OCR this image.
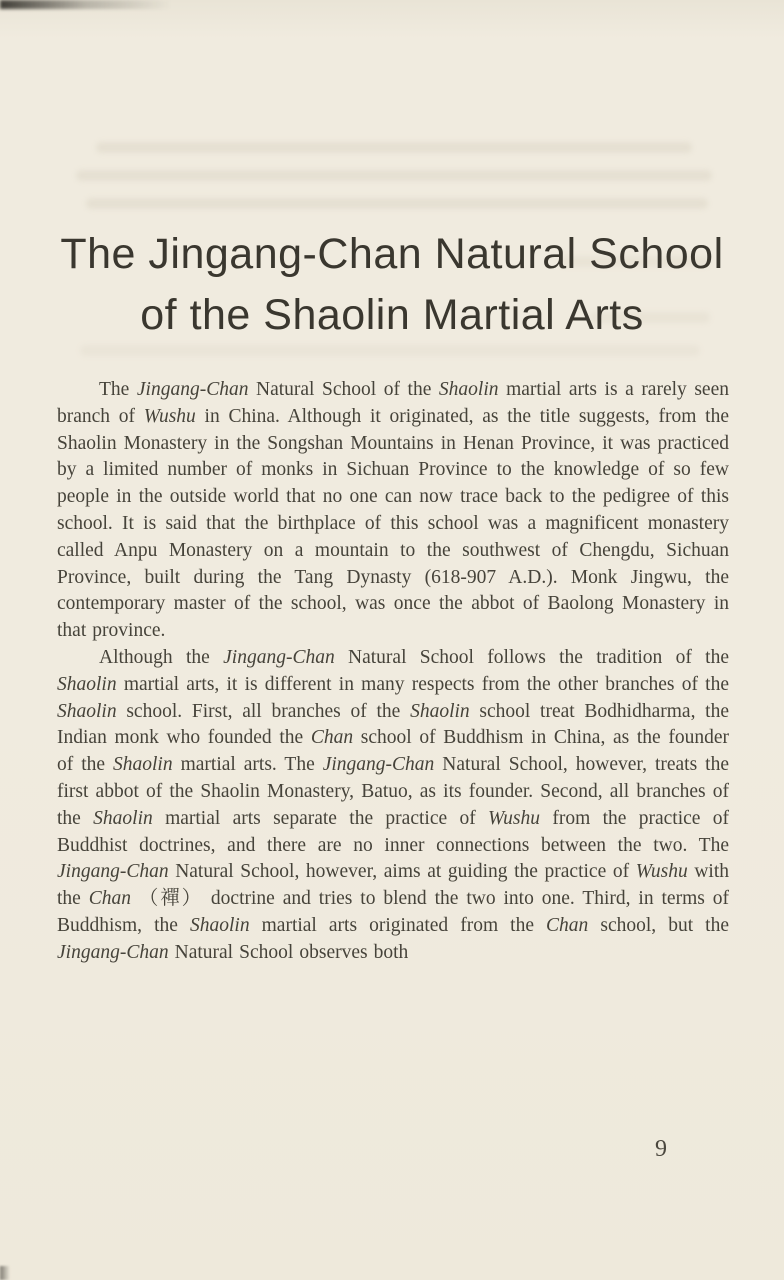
The Jingang-Chan Natural School
of the Shaolin Martial Arts

The Jingang-Chan Natural School of the Shaolin martial arts is a rarely seen branch of Wushu in China. Although it originated, as the title suggests, from the Shaolin Monastery in the Songshan Mountains in Henan Province, it was practiced by a limited number of monks in Sichuan Province to the knowledge of so few people in the outside world that no one can now trace back to the pedigree of this school. It is said that the birthplace of this school was a magnificent monastery called Anpu Monastery on a mountain to the southwest of Chengdu, Sichuan Province, built during the Tang Dynasty (618-907 A.D.). Monk Jingwu, the contemporary master of the school, was once the abbot of Baolong Monastery in that province.

Although the Jingang-Chan Natural School follows the tradition of the Shaolin martial arts, it is different in many respects from the other branches of the Shaolin school. First, all branches of the Shaolin school treat Bodhidharma, the Indian monk who founded the Chan school of Buddhism in China, as the founder of the Shaolin martial arts. The Jingang-Chan Natural School, however, treats the first abbot of the Shaolin Monastery, Batuo, as its founder. Second, all branches of the Shaolin martial arts separate the practice of Wushu from the practice of Buddhist doctrines, and there are no inner connections between the two. The Jingang-Chan Natural School, however, aims at guiding the practice of Wushu with the Chan （禪） doctrine and tries to blend the two into one. Third, in terms of Buddhism, the Shaolin martial arts originated from the Chan school, but the Jingang-Chan Natural School observes both

9
